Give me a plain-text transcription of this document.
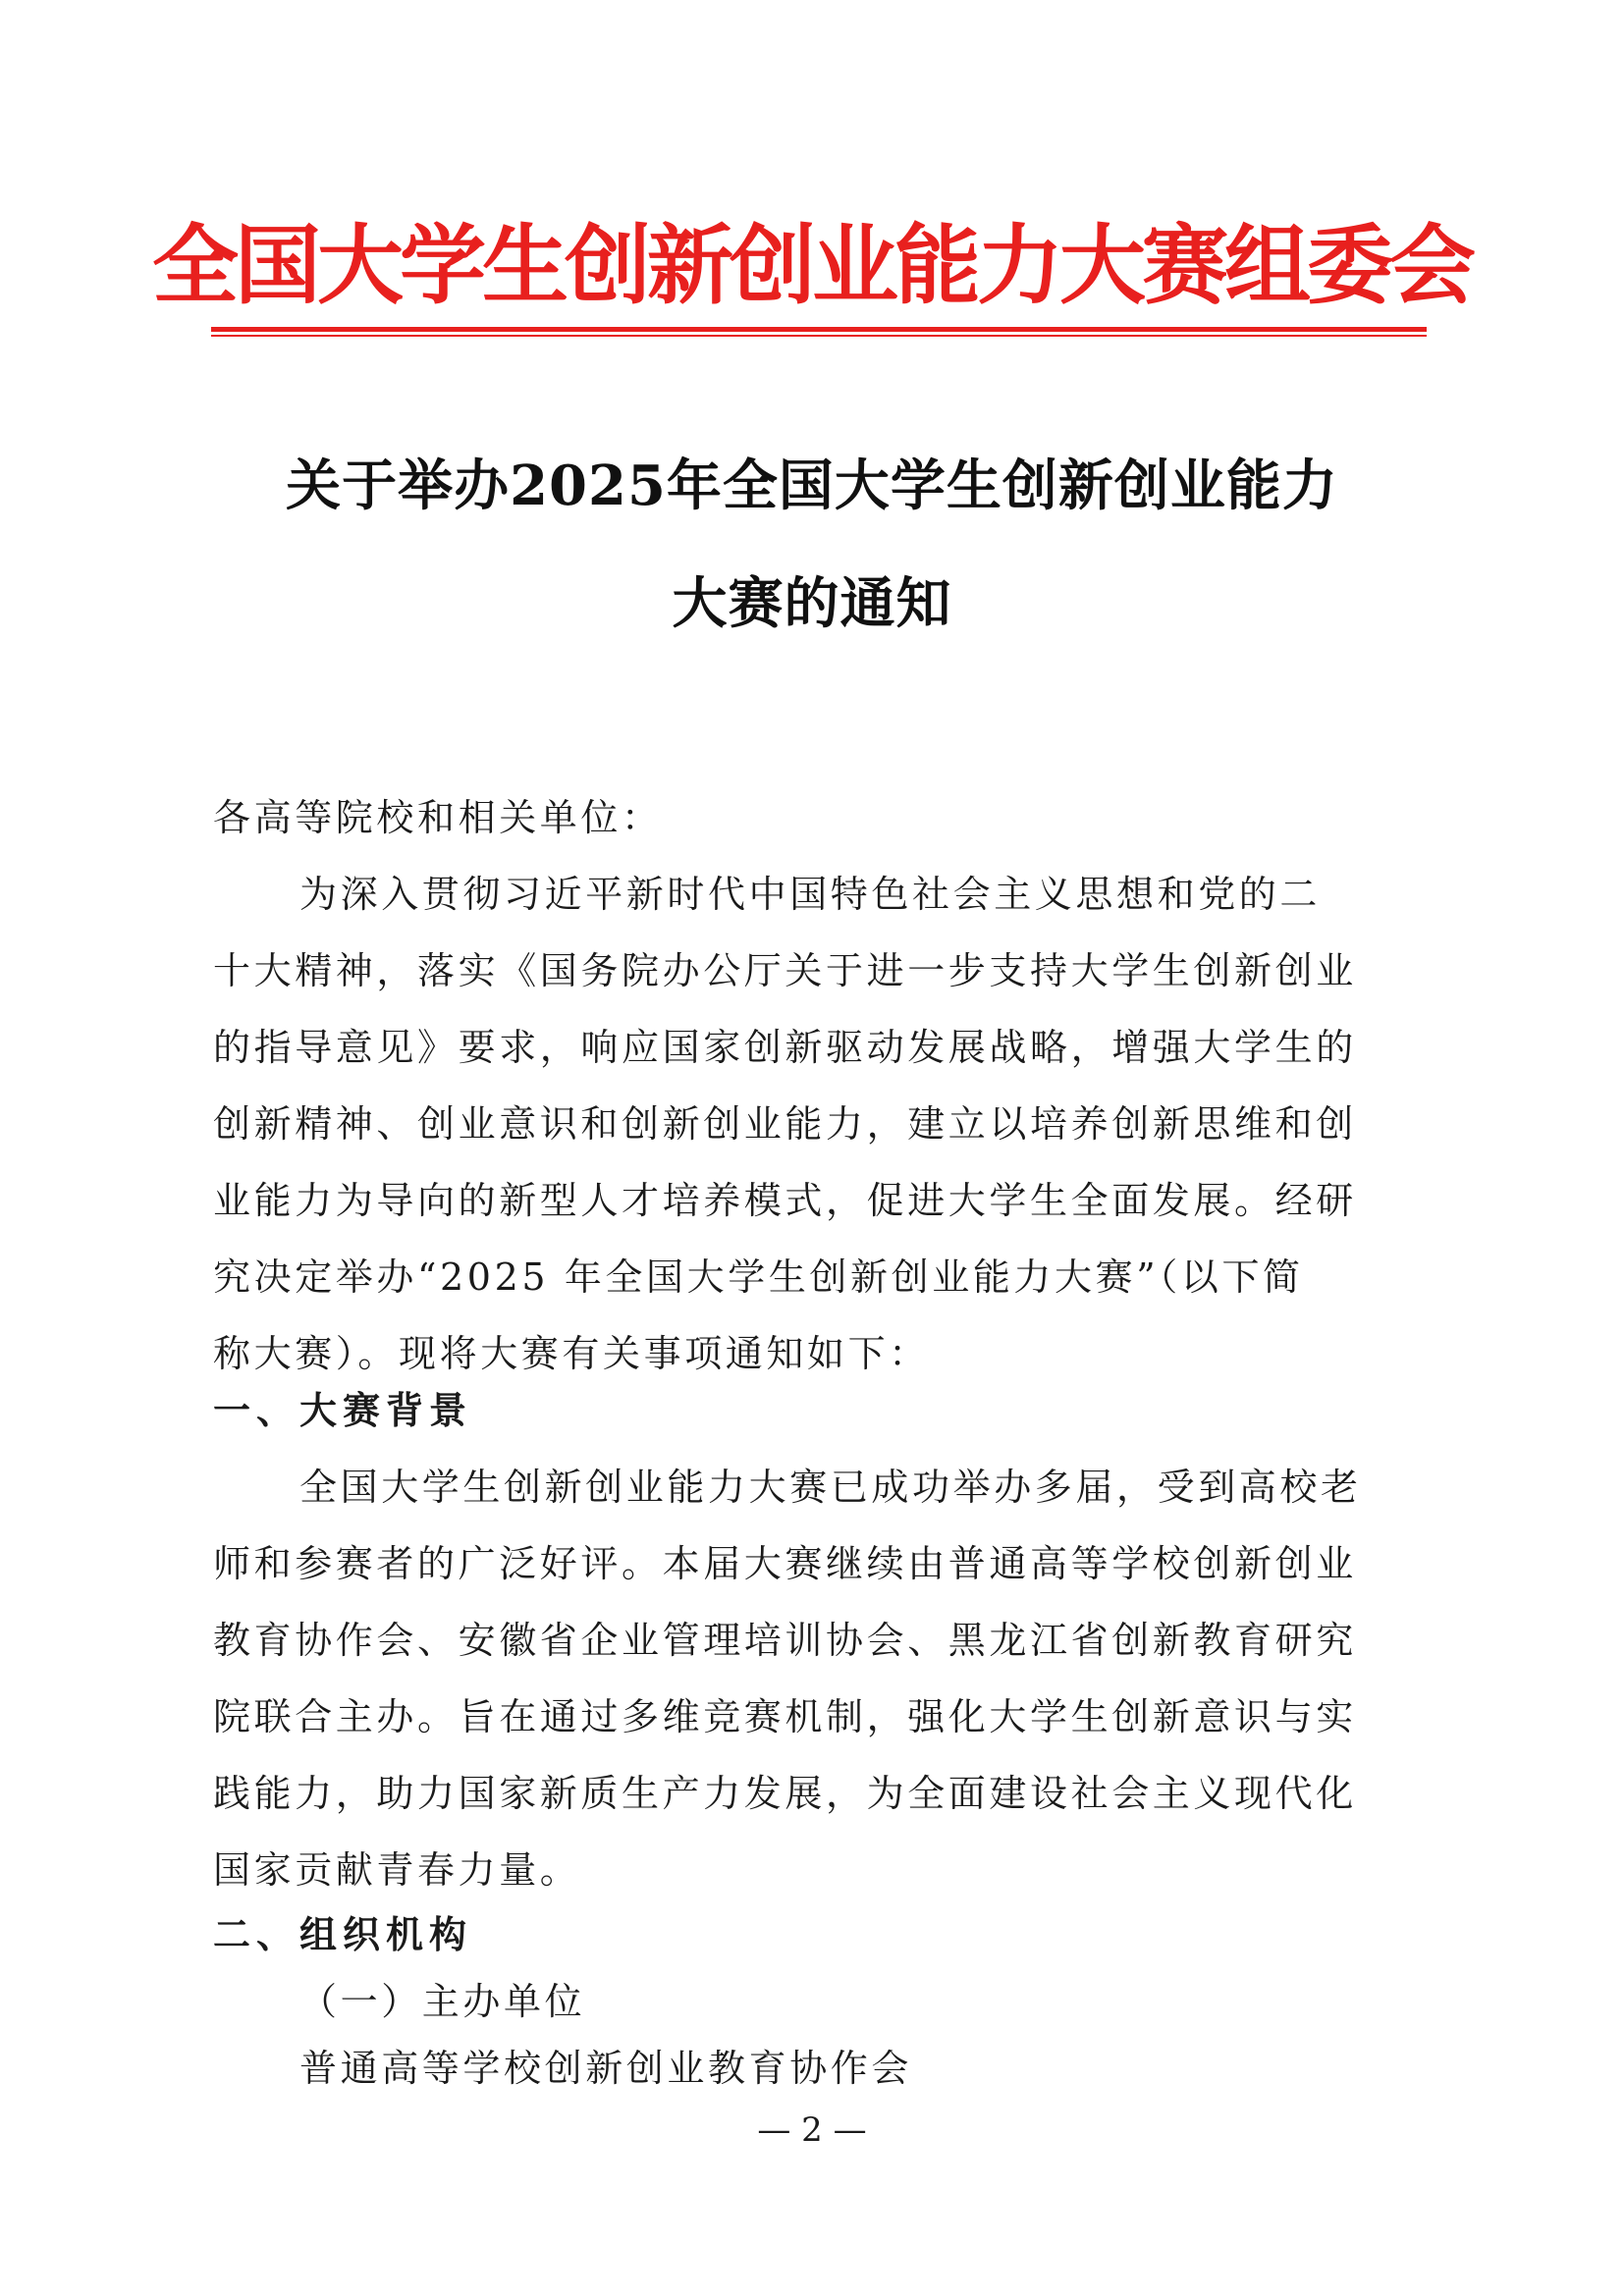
全国大学生创新创业能力大赛组委会
关于举办2025年全国大学生创新创业能力
大赛的通知
各高等院校和相关单位：
为深入贯彻习近平新时代中国特色社会主义思想和党的二
十大精神，落实《国务院办公厅关于进一步支持大学生创新创业
的指导意见》要求，响应国家创新驱动发展战略，增强大学生的
创新精神、创业意识和创新创业能力，建立以培养创新思维和创
业能力为导向的新型人才培养模式，促进大学生全面发展。经研
究决定举办“2025 年全国大学生创新创业能力大赛”（以下简
称大赛）。现将大赛有关事项通知如下：
一、大赛背景
全国大学生创新创业能力大赛已成功举办多届，受到高校老
师和参赛者的广泛好评。本届大赛继续由普通高等学校创新创业
教育协作会、安徽省企业管理培训协会、黑龙江省创新教育研究
院联合主办。旨在通过多维竞赛机制，强化大学生创新意识与实
践能力，助力国家新质生产力发展，为全面建设社会主义现代化
国家贡献青春力量。
二、组织机构
（一）主办单位
普通高等学校创新创业教育协作会
— 2 —
